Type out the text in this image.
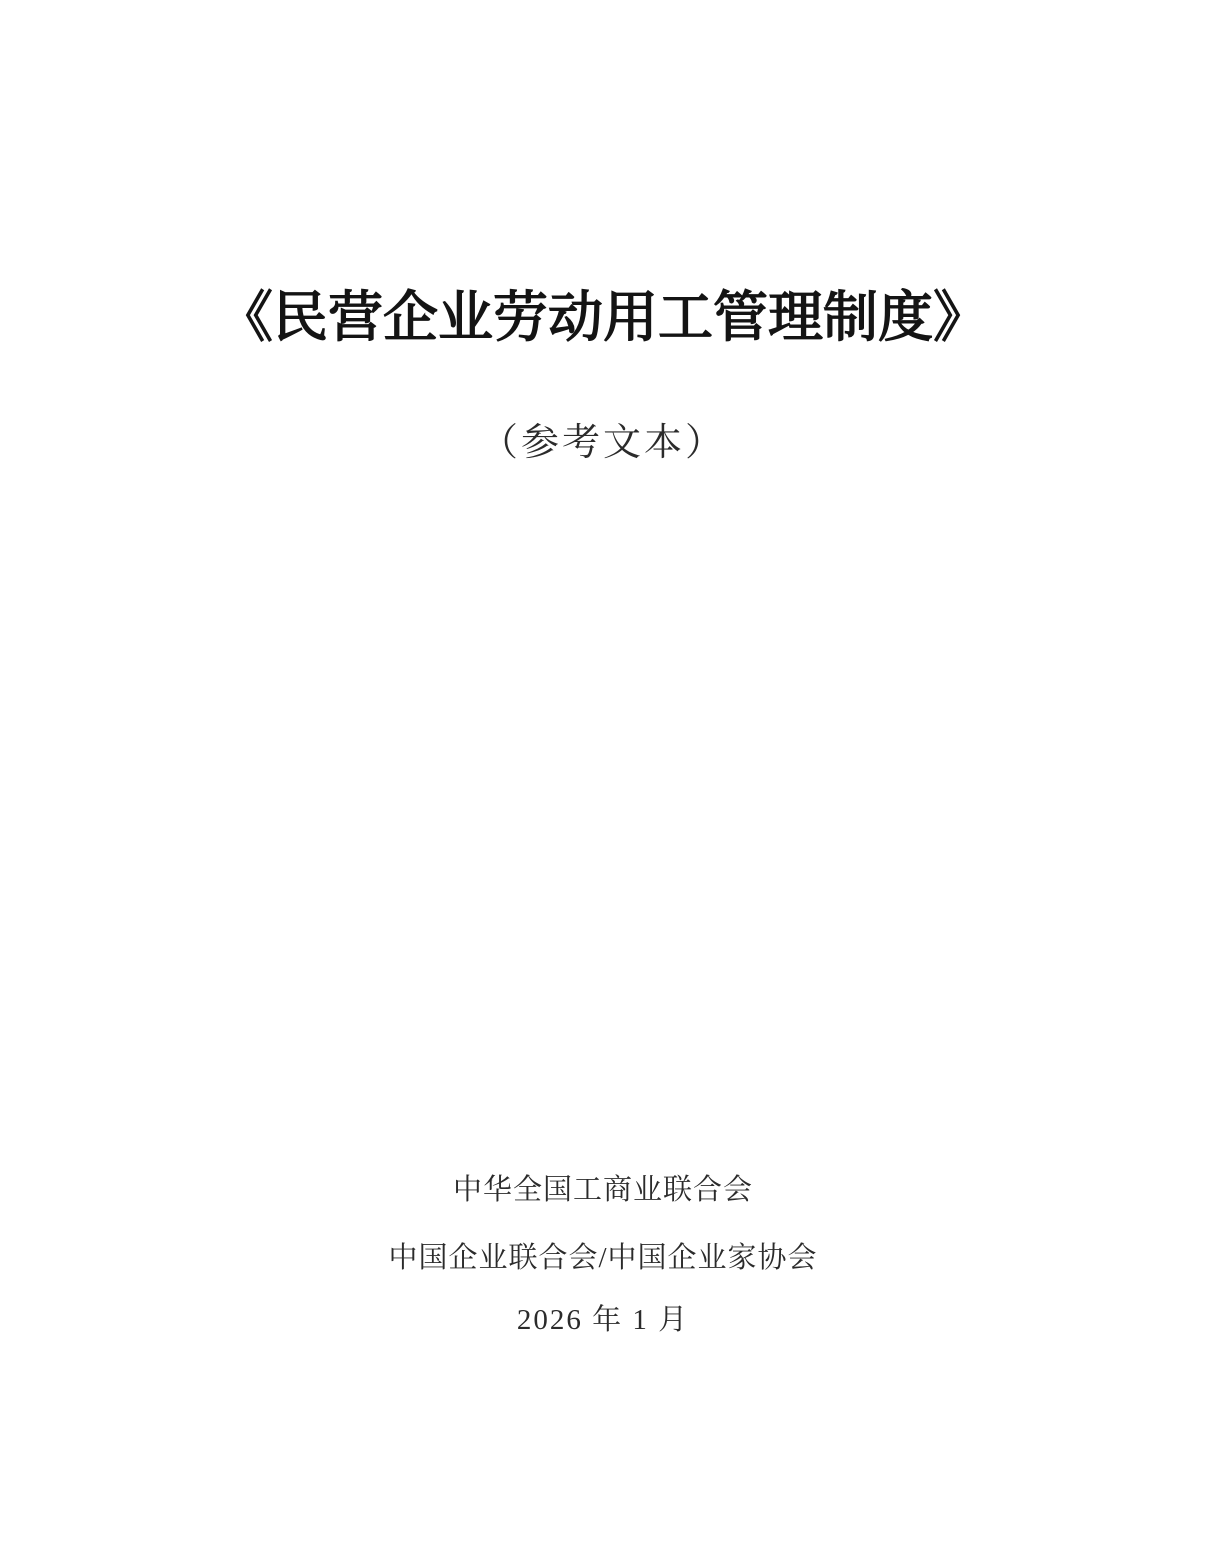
《民营企业劳动用工管理制度》
（参考文本）
中华全国工商业联合会
中国企业联合会/中国企业家协会
2026 年 1 月
